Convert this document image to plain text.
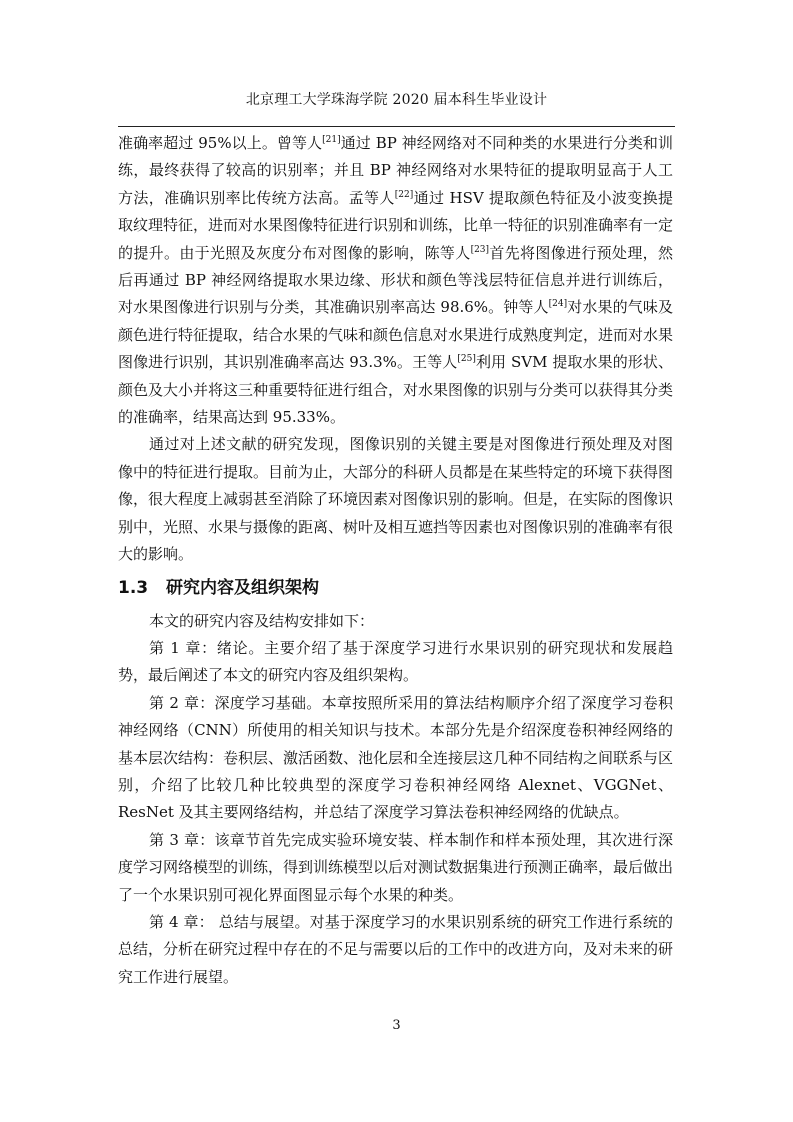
北京理工大学珠海学院 2020 届本科生毕业设计

准确率超过 95%以上。曾等人[21]通过 BP 神经网络对不同种类的水果进行分类和训练，最终获得了较高的识别率；并且 BP 神经网络对水果特征的提取明显高于人工方法，准确识别率比传统方法高。孟等人[22]通过 HSV 提取颜色特征及小波变换提取纹理特征，进而对水果图像特征进行识别和训练，比单一特征的识别准确率有一定的提升。由于光照及灰度分布对图像的影响，陈等人[23]首先将图像进行预处理，然后再通过 BP 神经网络提取水果边缘、形状和颜色等浅层特征信息并进行训练后，对水果图像进行识别与分类，其准确识别率高达 98.6%。钟等人[24]对水果的气味及颜色进行特征提取，结合水果的气味和颜色信息对水果进行成熟度判定，进而对水果图像进行识别，其识别准确率高达 93.3%。王等人[25]利用 SVM 提取水果的形状、颜色及大小并将这三种重要特征进行组合，对水果图像的识别与分类可以获得其分类的准确率，结果高达到 95.33%。

通过对上述文献的研究发现，图像识别的关键主要是对图像进行预处理及对图像中的特征进行提取。目前为止，大部分的科研人员都是在某些特定的环境下获得图像，很大程度上减弱甚至消除了环境因素对图像识别的影响。但是，在实际的图像识别中，光照、水果与摄像的距离、树叶及相互遮挡等因素也对图像识别的准确率有很大的影响。

1.3 研究内容及组织架构

本文的研究内容及结构安排如下：

第 1 章：绪论。主要介绍了基于深度学习进行水果识别的研究现状和发展趋势，最后阐述了本文的研究内容及组织架构。

第 2 章：深度学习基础。本章按照所采用的算法结构顺序介绍了深度学习卷积神经网络（CNN）所使用的相关知识与技术。本部分先是介绍深度卷积神经网络的基本层次结构：卷积层、激活函数、池化层和全连接层这几种不同结构之间联系与区别，介绍了比较几种比较典型的深度学习卷积神经网络 Alexnet、VGGNet、ResNet 及其主要网络结构，并总结了深度学习算法卷积神经网络的优缺点。

第 3 章：该章节首先完成实验环境安装、样本制作和样本预处理，其次进行深度学习网络模型的训练，得到训练模型以后对测试数据集进行预测正确率，最后做出了一个水果识别可视化界面图显示每个水果的种类。

第 4 章： 总结与展望。对基于深度学习的水果识别系统的研究工作进行系统的总结，分析在研究过程中存在的不足与需要以后的工作中的改进方向，及对未来的研究工作进行展望。

3
